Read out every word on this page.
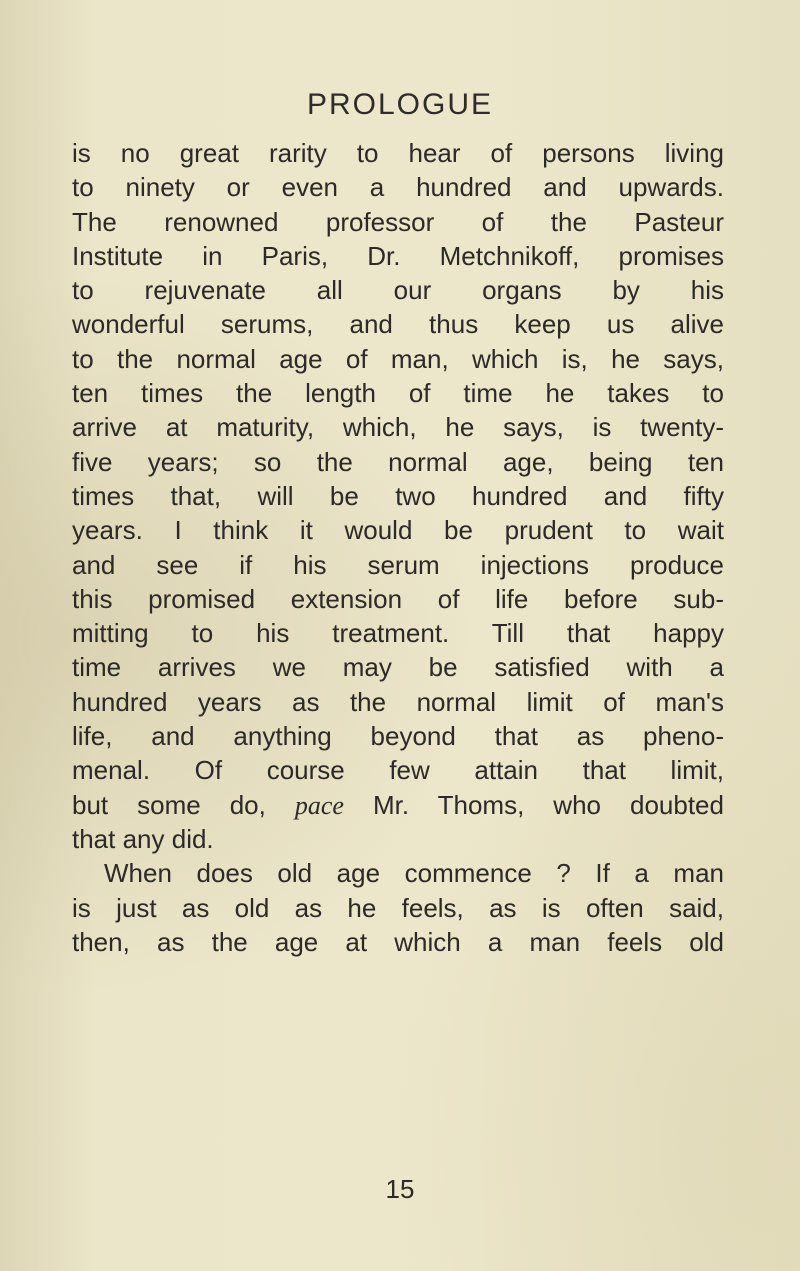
PROLOGUE
is no great rarity to hear of persons living
to ninety or even a hundred and upwards.
The renowned professor of the Pasteur
Institute in Paris, Dr. Metchnikoff, promises
to rejuvenate all our organs by his
wonderful serums, and thus keep us alive
to the normal age of man, which is, he says,
ten times the length of time he takes to
arrive at maturity, which, he says, is twenty-
five years; so the normal age, being ten
times that, will be two hundred and fifty
years. I think it would be prudent to wait
and see if his serum injections produce
this promised extension of life before sub-
mitting to his treatment. Till that happy
time arrives we may be satisfied with a
hundred years as the normal limit of man's
life, and anything beyond that as pheno-
menal. Of course few attain that limit,
but some do, pace Mr. Thoms, who doubted
that any did.
When does old age commence ? If a man
is just as old as he feels, as is often said,
then, as the age at which a man feels old
15
